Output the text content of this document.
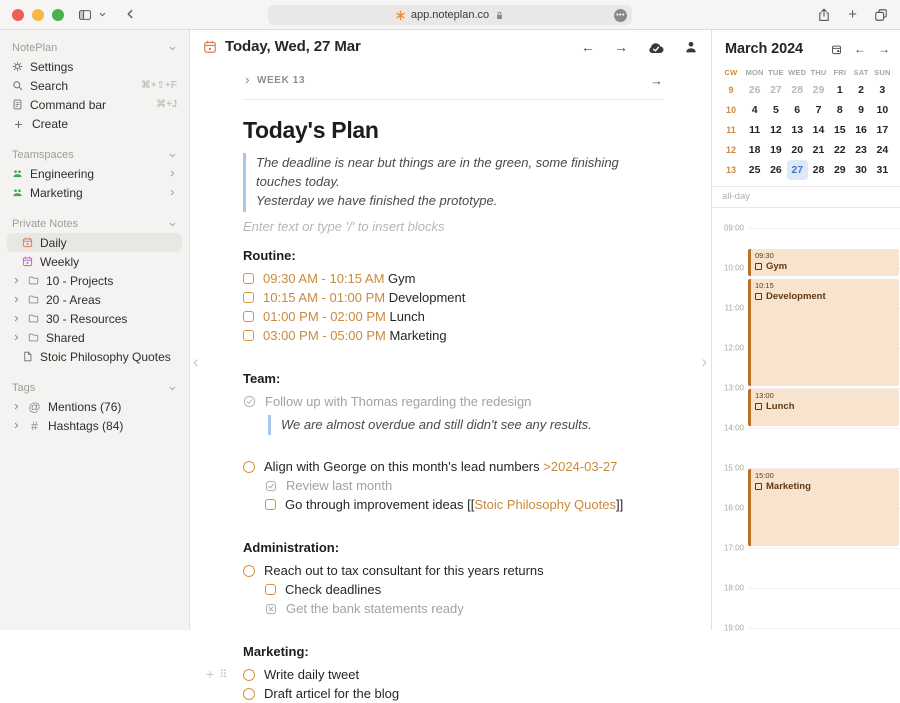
app.noteplan.co	•••	+
NotePlan
Settings
Search	⌘+⇧+F
Command bar	⌘+J
+ Create
Teamspaces
Engineering
Marketing
Private Notes
Daily
Weekly
10 - Projects
20 - Areas
30 - Resources
Shared
Stoic Philosophy Quotes
Tags
@ Mentions (76)
# Hashtags (84)
Today, Wed, 27 Mar	← →
WEEK 13	→
Today's Plan
The deadline is near but things are in the green, some finishing touches today.
Yesterday we have finished the prototype.
Enter text or type '/' to insert blocks
Routine:
09:30 AM - 10:15 AM Gym
10:15 AM - 01:00 PM Development
01:00 PM - 02:00 PM Lunch
03:00 PM - 05:00 PM Marketing
Team:
Follow up with Thomas regarding the redesign
We are almost overdue and still didn't see any results.
Align with George on this month's lead numbers >2024-03-27
Review last month
Go through improvement ideas [[Stoic Philosophy Quotes]]
Administration:
Reach out to tax consultant for this years returns
Check deadlines
Get the bank statements ready
Marketing:
+ ⠿	Write daily tweet
Draft articel for the blog
‹	›
March 2024	← →
CW	MON TUE WED THU FRI SAT SUN
9	26 27 28 29	1	2	3
10	4	5	6	7	8	9	10
11	11 12 13 14 15 16 17
12	18 19 20 21 22 23 24
13	25 26 27 28 29 30 31
all-day
09:00
10:00
11:00
12:00
13:00
14:00
15:00
16:00
17:00
18:00
19:00
09:30
Gym
10:15
Development
13:00
Lunch
15:00
Marketing
